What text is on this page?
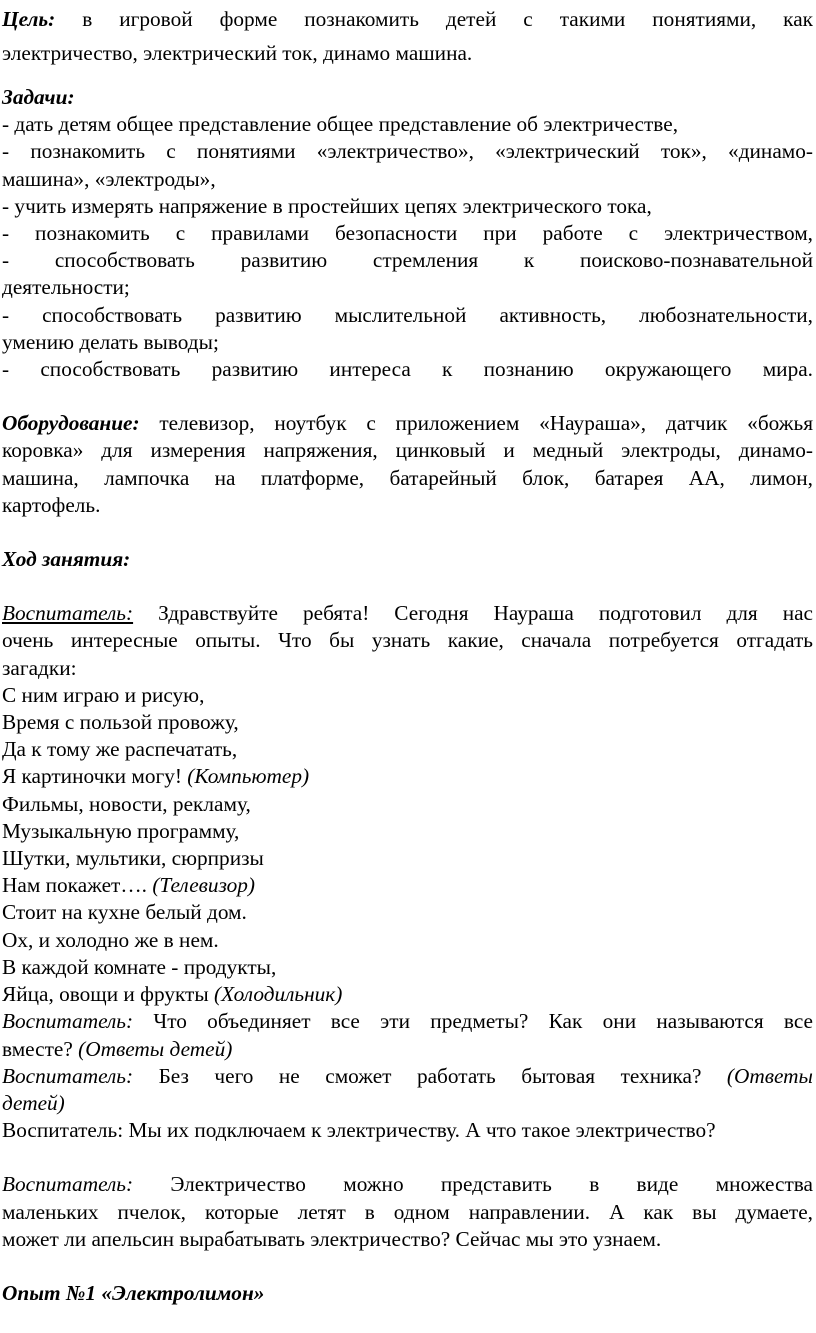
Цель: в игровой форме познакомить детей с такими понятиями, как

электричество, электрический ток, динамо машина.

Задачи:

- дать детям общее представление общее представление об электричестве,

- познакомить с понятиями «электричество», «электрический ток», «динамо-

машина», «электроды»,

- учить измерять напряжение в простейших цепях электрического тока,

- познакомить с правилами безопасности при работе с электричеством,

- способствовать развитию стремления к поисково-познавательной

деятельности;

- способствовать развитию мыслительной активность, любознательности,

умению делать выводы;

- способствовать развитию интереса к познанию окружающего мира.

Оборудование: телевизор, ноутбук с приложением «Наураша», датчик «божья

коровка» для измерения напряжения, цинковый и медный электроды, динамо-

машина, лампочка на платформе, батарейный блок, батарея АА, лимон,

картофель.

Ход занятия:

Воспитатель: Здравствуйте ребята! Сегодня Наураша подготовил для нас

очень интересные опыты. Что бы узнать какие, сначала потребуется отгадать

загадки:

С ним играю и рисую,

Время с пользой провожу,

Да к тому же распечатать,

Я картиночки могу! (Компьютер)

Фильмы, новости, рекламу,

Музыкальную программу,

Шутки, мультики, сюрпризы

Нам покажет…. (Телевизор)

Стоит на кухне белый дом.

Ох, и холодно же в нем.

В каждой комнате - продукты,

Яйца, овощи и фрукты (Холодильник)

Воспитатель: Что объединяет все эти предметы? Как они называются все

вместе? (Ответы детей)

Воспитатель: Без чего не сможет работать бытовая техника? (Ответы

детей)

Воспитатель: Мы их подключаем к электричеству. А что такое электричество?

Воспитатель: Электричество можно представить в виде множества

маленьких пчелок, которые летят в одном направлении. А как вы думаете,

может ли апельсин вырабатывать электричество? Сейчас мы это узнаем.

Опыт №1 «Электролимон»
